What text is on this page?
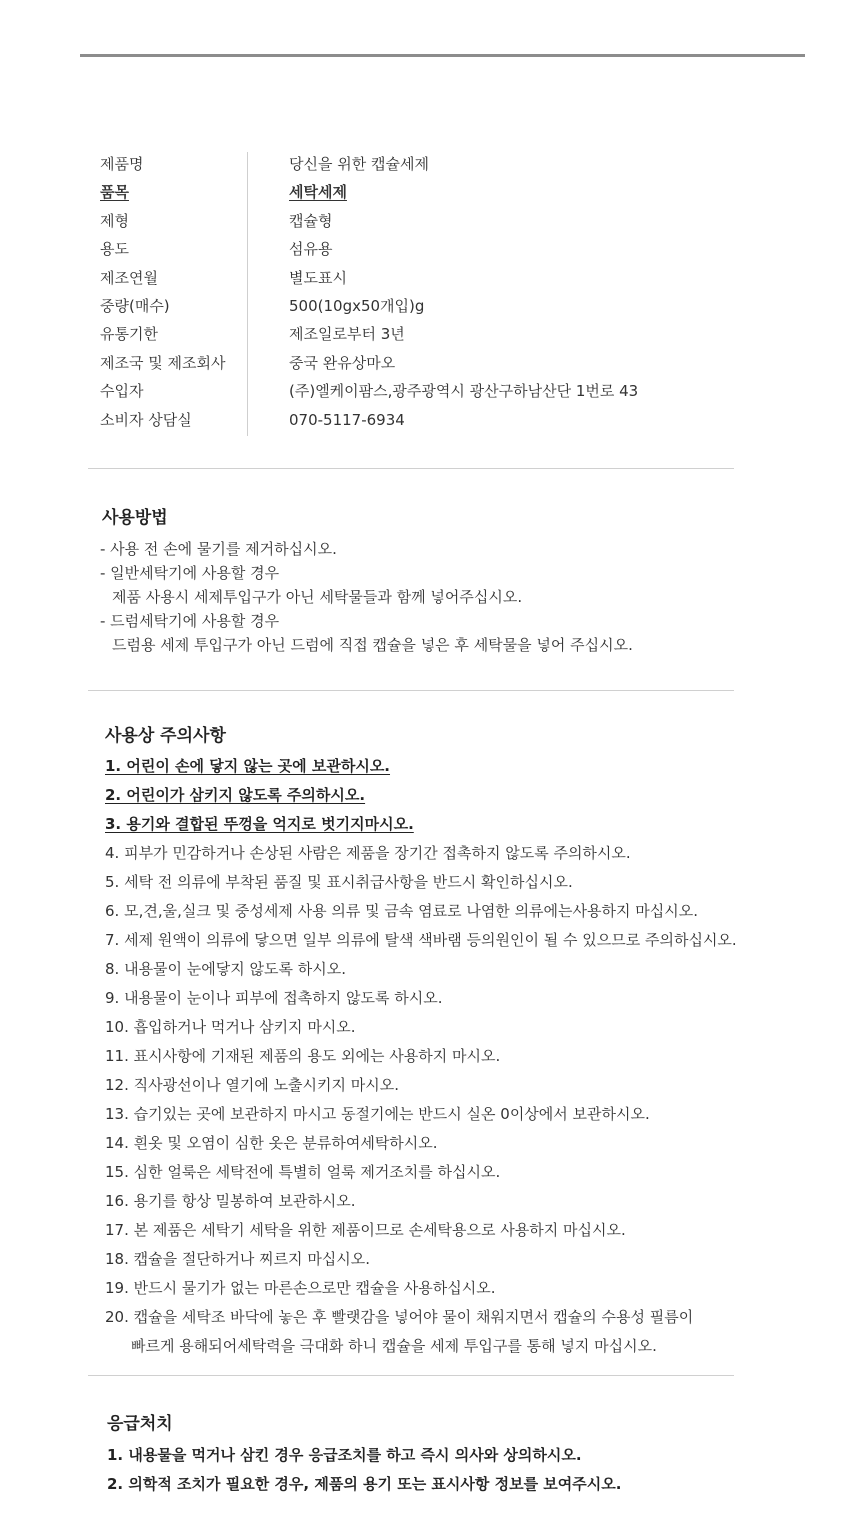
제품명	당신을 위한 캡슐세제
품목	세탁세제
제형	캡슐형
용도	섬유용
제조연월	별도표시
중량(매수)	500(10gx50개입)g
유통기한	제조일로부터 3년
제조국 및 제조회사	중국 완유상마오
수입자	(주)엘케이팜스,광주광역시 광산구하남산단 1번로 43
소비자 상담실	070-5117-6934
사용방법
- 사용 전 손에 물기를 제거하십시오.
- 일반세탁기에 사용할 경우
제품 사용시 세제투입구가 아닌 세탁물들과 함께 넣어주십시오.
- 드럼세탁기에 사용할 경우
드럼용 세제 투입구가 아닌 드럼에 직접 캡슐을 넣은 후 세탁물을 넣어 주십시오.
사용상 주의사항
1. 어린이 손에 닿지 않는 곳에 보관하시오.
2. 어린이가 삼키지 않도록 주의하시오.
3. 용기와 결합된 뚜껑을 억지로 벗기지마시오.
4. 피부가 민감하거나 손상된 사람은 제품을 장기간 접촉하지 않도록 주의하시오.
5. 세탁 전 의류에 부착된 품질 및 표시취급사항을 반드시 확인하십시오.
6. 모,견,울,실크 및 중성세제 사용 의류 및 금속 염료로 나염한 의류에는사용하지 마십시오.
7. 세제 원액이 의류에 닿으면 일부 의류에 탈색 색바램 등의원인이 될 수 있으므로 주의하십시오.
8. 내용물이 눈에닿지 않도록 하시오.
9. 내용물이 눈이나 피부에 접촉하지 않도록 하시오.
10. 흡입하거나 먹거나 삼키지 마시오.
11. 표시사항에 기재된 제품의 용도 외에는 사용하지 마시오.
12. 직사광선이나 열기에 노출시키지 마시오.
13. 습기있는 곳에 보관하지 마시고 동절기에는 반드시 실온 0이상에서 보관하시오.
14. 흰옷 및 오염이 심한 옷은 분류하여세탁하시오.
15. 심한 얼룩은 세탁전에 특별히 얼룩 제거조치를 하십시오.
16. 용기를 항상 밀봉하여 보관하시오.
17. 본 제품은 세탁기 세탁을 위한 제품이므로 손세탁용으로 사용하지 마십시오.
18. 캡슐을 절단하거나 찌르지 마십시오.
19. 반드시 물기가 없는 마른손으로만 캡슐을 사용하십시오.
20. 캡슐을 세탁조 바닥에 놓은 후 빨랫감을 넣어야 물이 채워지면서 캡슐의 수용성 필름이
빠르게 용해되어세탁력을 극대화 하니 캡슐을 세제 투입구를 통해 넣지 마십시오.
응급처치
1. 내용물을 먹거나 삼킨 경우 응급조치를 하고 즉시 의사와 상의하시오.
2. 의학적 조치가 필요한 경우, 제품의 용기 또는 표시사항 정보를 보여주시오.
